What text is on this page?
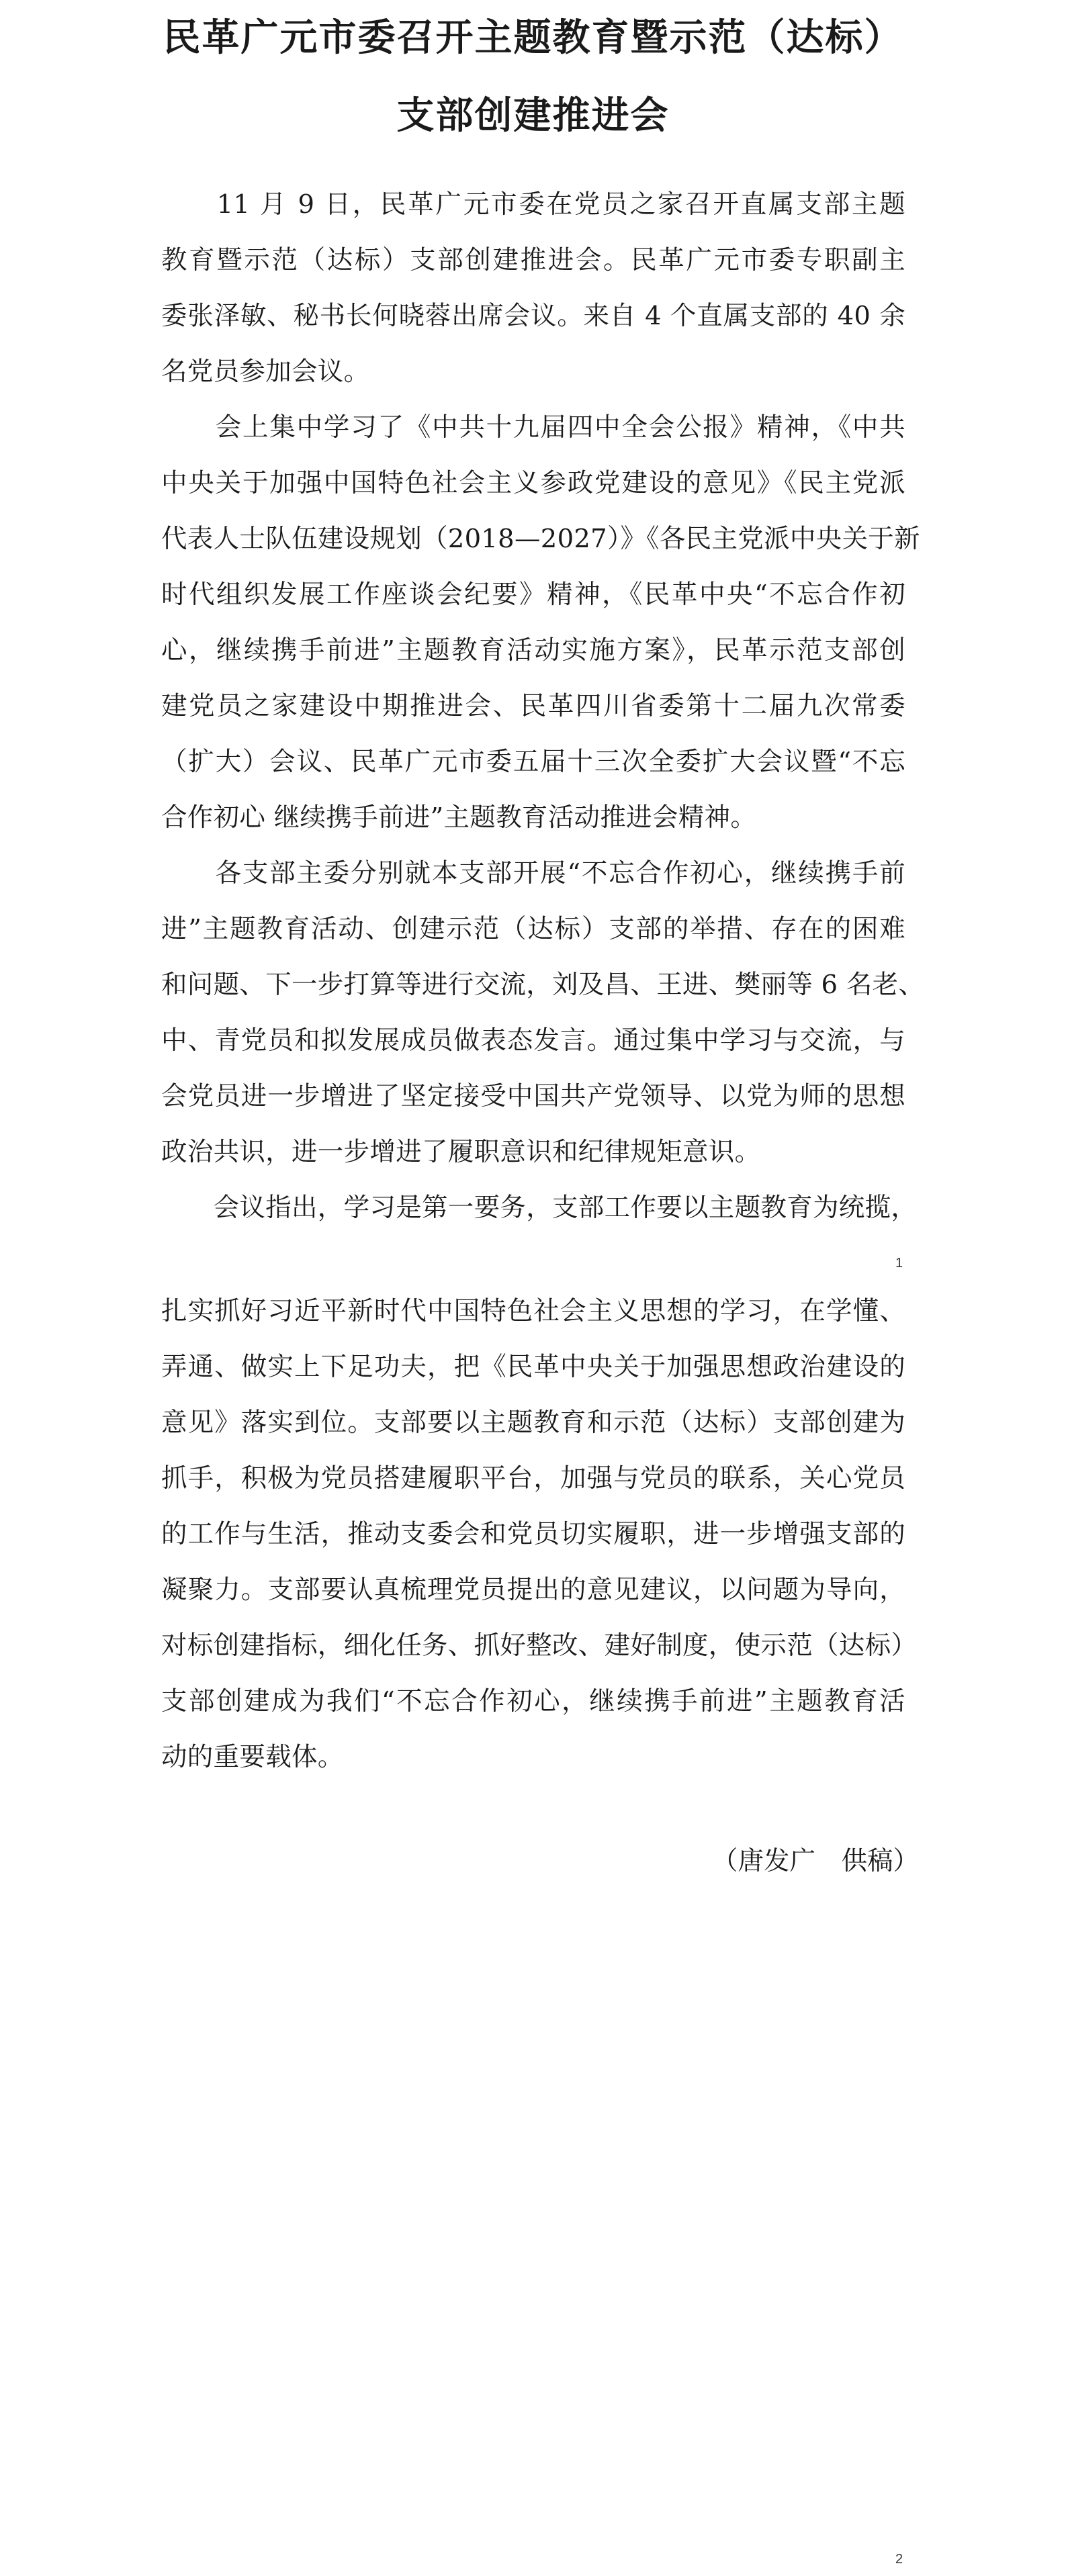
民革广元市委召开主题教育暨示范（达标）
支部创建推进会
　　11 月 9 日，民革广元市委在党员之家召开直属支部主题
教育暨示范（达标）支部创建推进会。民革广元市委专职副主
委张泽敏、秘书长何晓蓉出席会议。来自 4 个直属支部的 40 余
名党员参加会议。
　　会上集中学习了《中共十九届四中全会公报》精神，《中共
中央关于加强中国特色社会主义参政党建设的意见》《民主党派
代表人士队伍建设规划（2018—2027）》《各民主党派中央关于新
时代组织发展工作座谈会纪要》精神，《民革中央“不忘合作初
心，继续携手前进”主题教育活动实施方案》，民革示范支部创
建党员之家建设中期推进会、民革四川省委第十二届九次常委
（扩大）会议、民革广元市委五届十三次全委扩大会议暨“不忘
合作初心 继续携手前进”主题教育活动推进会精神。
　　各支部主委分别就本支部开展“不忘合作初心，继续携手前
进”主题教育活动、创建示范（达标）支部的举措、存在的困难
和问题、下一步打算等进行交流，刘及昌、王进、樊丽等 6 名老、
中、青党员和拟发展成员做表态发言。通过集中学习与交流，与
会党员进一步增进了坚定接受中国共产党领导、以党为师的思想
政治共识，进一步增进了履职意识和纪律规矩意识。
　　会议指出，学习是第一要务，支部工作要以主题教育为统揽，
1
扎实抓好习近平新时代中国特色社会主义思想的学习，在学懂、
弄通、做实上下足功夫，把《民革中央关于加强思想政治建设的
意见》落实到位。支部要以主题教育和示范（达标）支部创建为
抓手，积极为党员搭建履职平台，加强与党员的联系，关心党员
的工作与生活，推动支委会和党员切实履职，进一步增强支部的
凝聚力。支部要认真梳理党员提出的意见建议，以问题为导向，
对标创建指标，细化任务、抓好整改、建好制度，使示范（达标）
支部创建成为我们“不忘合作初心，继续携手前进”主题教育活
动的重要载体。
（唐发广　供稿）
2
